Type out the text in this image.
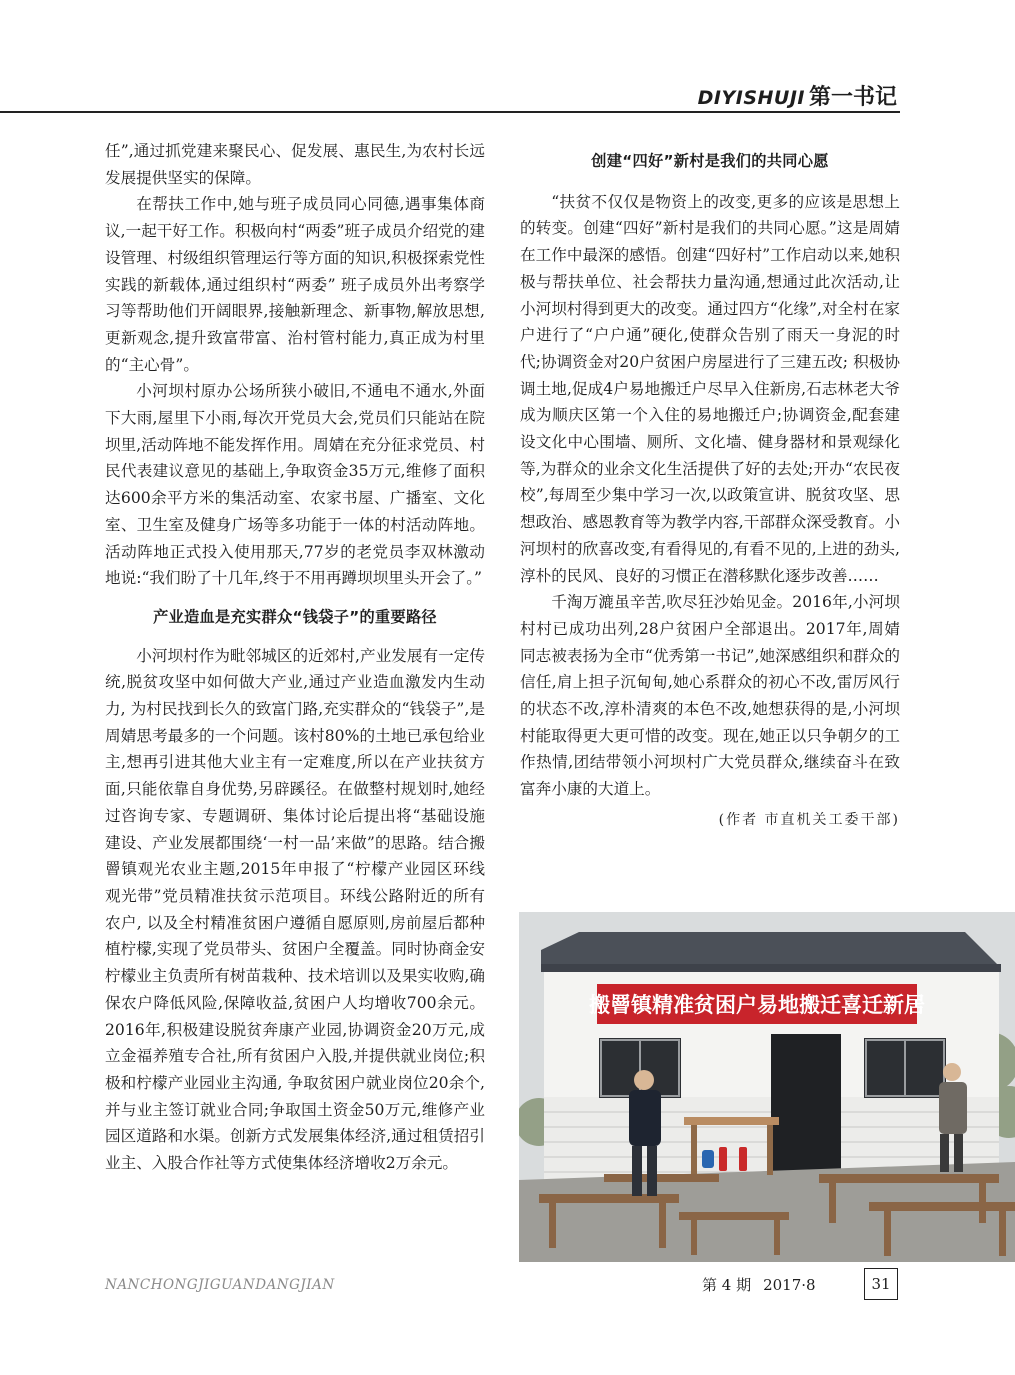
DIYISHUJI 第一书记

任”,通过抓党建来聚民心、促发展、惠民生,为农村长远发展提供坚实的保障。

在帮扶工作中,她与班子成员同心同德,遇事集体商议,一起干好工作。积极向村“两委”班子成员介绍党的建设管理、村级组织管理运行等方面的知识,积极探索党性实践的新载体,通过组织村“两委” 班子成员外出考察学习等帮助他们开阔眼界,接触新理念、新事物,解放思想,更新观念,提升致富带富、治村管村能力,真正成为村里的“主心骨”。

小河坝村原办公场所狭小破旧,不通电不通水,外面下大雨,屋里下小雨,每次开党员大会,党员们只能站在院坝里,活动阵地不能发挥作用。周婧在充分征求党员、村民代表建议意见的基础上,争取资金35万元,维修了面积达600余平方米的集活动室、农家书屋、广播室、文化室、卫生室及健身广场等多功能于一体的村活动阵地。活动阵地正式投入使用那天,77岁的老党员李双林激动地说:“我们盼了十几年,终于不用再蹲坝坝里头开会了。”

产业造血是充实群众“钱袋子”的重要路径

小河坝村作为毗邻城区的近郊村,产业发展有一定传统,脱贫攻坚中如何做大产业,通过产业造血激发内生动力, 为村民找到长久的致富门路,充实群众的“钱袋子”,是周婧思考最多的一个问题。该村80%的土地已承包给业主,想再引进其他大业主有一定难度,所以在产业扶贫方面,只能依靠自身优势,另辟蹊径。在做整村规划时,她经过咨询专家、专题调研、集体讨论后提出将“基础设施建设、产业发展都围绕‘一村一品’来做”的思路。结合搬罾镇观光农业主题,2015年申报了“柠檬产业园区环线观光带”党员精准扶贫示范项目。环线公路附近的所有农户, 以及全村精准贫困户遵循自愿原则,房前屋后都种植柠檬,实现了党员带头、贫困户全覆盖。同时协商金安柠檬业主负责所有树苗栽种、技术培训以及果实收购,确保农户降低风险,保障收益,贫困户人均增收700余元。2016年,积极建设脱贫奔康产业园,协调资金20万元,成立金福养殖专合社,所有贫困户入股,并提供就业岗位;积极和柠檬产业园业主沟通, 争取贫困户就业岗位20余个,并与业主签订就业合同;争取国土资金50万元,维修产业园区道路和水渠。创新方式发展集体经济,通过租赁招引业主、入股合作社等方式使集体经济增收2万余元。

创建“四好”新村是我们的共同心愿

“扶贫不仅仅是物资上的改变,更多的应该是思想上的转变。创建“四好”新村是我们的共同心愿。”这是周婧在工作中最深的感悟。创建“四好村”工作启动以来,她积极与帮扶单位、社会帮扶力量沟通,想通过此次活动,让小河坝村得到更大的改变。通过四方“化缘”,对全村在家户进行了“户户通”硬化,使群众告别了雨天一身泥的时代;协调资金对20户贫困户房屋进行了三建五改; 积极协调土地,促成4户易地搬迁户尽早入住新房,石志林老大爷成为顺庆区第一个入住的易地搬迁户;协调资金,配套建设文化中心围墙、厕所、文化墙、健身器材和景观绿化等,为群众的业余文化生活提供了好的去处;开办“农民夜校”,每周至少集中学习一次,以政策宣讲、脱贫攻坚、思想政治、感恩教育等为教学内容,干部群众深受教育。小河坝村的欣喜改变,有看得见的,有看不见的,上进的劲头,淳朴的民风、良好的习惯正在潜移默化逐步改善……

千淘万漉虽辛苦,吹尽狂沙始见金。2016年,小河坝村村已成功出列,28户贫困户全部退出。2017年,周婧同志被表扬为全市“优秀第一书记”,她深感组织和群众的信任,肩上担子沉甸甸,她心系群众的初心不改,雷厉风行的状态不改,淳朴清爽的本色不改,她想获得的是,小河坝村能取得更大更可惜的改变。现在,她正以只争朝夕的工作热情,团结带领小河坝村广大党员群众,继续奋斗在致富奔小康的大道上。

(作者 市直机关工委干部)
搬罾镇精准贫困户易地搬迁喜迁新居
NANCHONGJIGUANDANGJIAN	第 4 期 2017·8	31
